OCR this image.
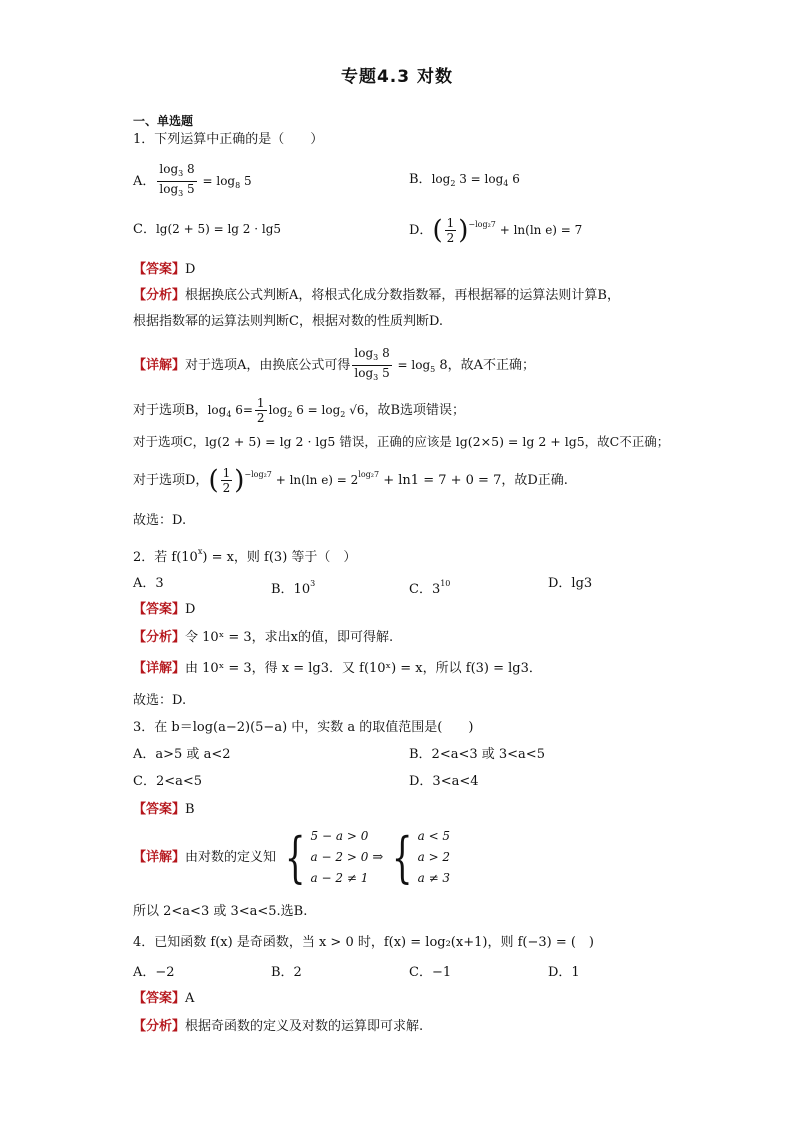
专题4.3 对数
一、单选题
1．下列运算中正确的是（　　）
A． $\frac{\log_3 8}{\log_3 5} = \log_8 5$	B．$\log_2 3 = \log_4 6$
C．lg(2 + 5) = lg 2 · lg5	D．( $\frac{1}{2} )^{-log_27} + \ln(\ln$ e) = 7
【答案】D
【分析】根据换底公式判断A，将根式化成分数指数幂，再根据幂的运算法则计算B，
根据指数幂的运算法则判断C，根据对数的性质判断D.
【详解】对于选项A，由换底公式可得 $\frac{\log_3 8}{\log_3 5} = \log_5 8$，故A不正确；
对于选项B，$\log_4 6= \frac{1}{2} \log_2 6 = \log_2 √6$，故B选项错误；
对于选项C，lg(2 + 5) = lg 2 · lg5 错误，正确的应该是 lg(2×5) = lg 2 + lg5，故C不正确；
对于选项D，( $\frac{1}{2} )^{-log_27} + \ln(\ln$ $e) = 2^{log_27} + \ln 1 = 7 + 0 = 7$，故D正确.
故选：D.
2．若 $f(10^x) = x$，则 f(3) 等于（　）
A．3	B．$10^3$	C．$3^{10}$	D．lg3
【答案】D
【分析】令 10ˣ = 3，求出x的值，即可得解.
【详解】由 10ˣ = 3，得 x = lg3．又 f(10ˣ) = x，所以 f(3) = lg3．
故选：D.
3．在 b＝log(a−2)(5−a) 中，实数 a 的取值范围是(　　)
A．a>5 或 a<2	B．2<a<3 或 3<a<5
C．2<a<5	D．3<a<4
【答案】B
【详解】由对数的定义知 { 5 − a > 0
a − 2 > 0
a − 2 ≠ 1
⇒ { a < 5
a > 2
a ≠ 3
所以 2<a<3 或 3<a<5.选B.
4．已知函数 f(x) 是奇函数，当 x > 0 时，f(x) = log₂(x+1)，则 f(−3) = (　)
A．−2	B．2	C．−1	D．1
【答案】A
【分析】根据奇函数的定义及对数的运算即可求解.
